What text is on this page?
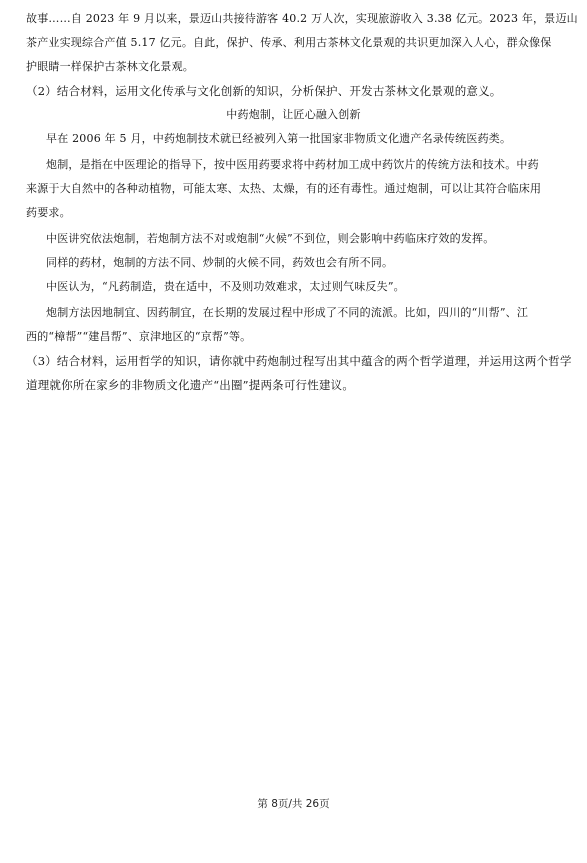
故事……自 2023 年 9 月以来，景迈山共接待游客 40.2 万人次，实现旅游收入 3.38 亿元。2023 年，景迈山
茶产业实现综合产值 5.17 亿元。自此，保护、传承、利用古茶林文化景观的共识更加深入人心，群众像保
护眼睛一样保护古茶林文化景观。
（2）结合材料，运用文化传承与文化创新的知识，分析保护、开发古茶林文化景观的意义。
中药炮制，让匠心融入创新
早在 2006 年 5 月，中药炮制技术就已经被列入第一批国家非物质文化遗产名录传统医药类。
炮制，是指在中医理论的指导下，按中医用药要求将中药材加工成中药饮片的传统方法和技术。中药
来源于大自然中的各种动植物，可能太寒、太热、太燥，有的还有毒性。通过炮制，可以让其符合临床用
药要求。
中医讲究依法炮制，若炮制方法不对或炮制“火候”不到位，则会影响中药临床疗效的发挥。
同样的药材，炮制的方法不同、炒制的火候不同，药效也会有所不同。
中医认为，“凡药制造，贵在适中，不及则功效难求，太过则气味反失”。
炮制方法因地制宜、因药制宜，在长期的发展过程中形成了不同的流派。比如，四川的“川帮”、江
西的“樟帮”“建昌帮”、京津地区的“京帮”等。
（3）结合材料，运用哲学的知识，请你就中药炮制过程写出其中蕴含的两个哲学道理，并运用这两个哲学
道理就你所在家乡的非物质文化遗产“出圈”提两条可行性建议。
第 8页/共 26页
